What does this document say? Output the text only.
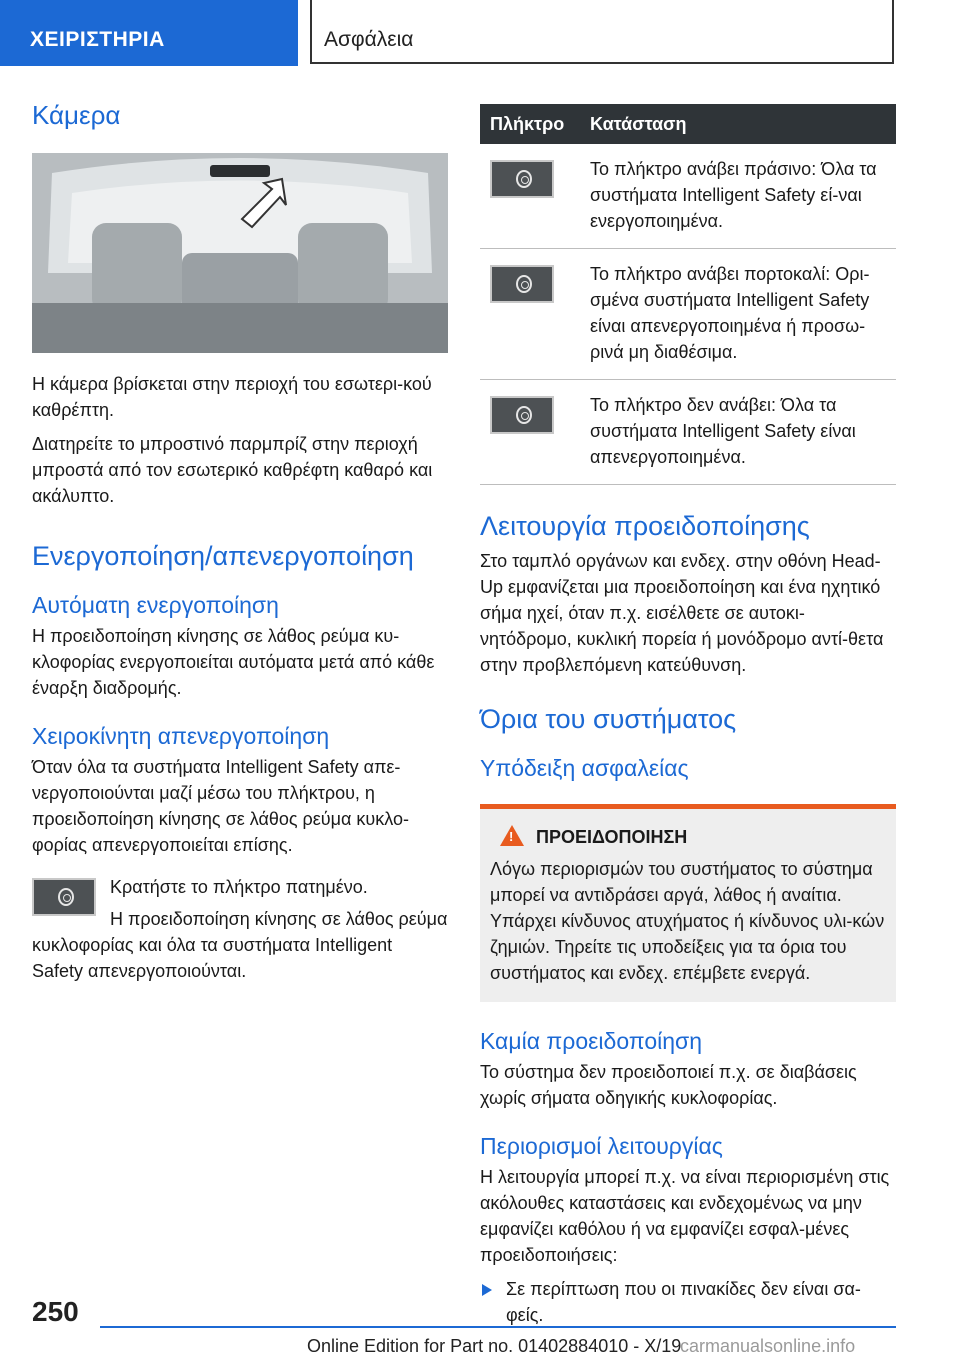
ΧΕΙΡΙΣΤΗΡΙΑ	Ασφάλεια
Κάμερα

Η κάμερα βρίσκεται στην περιοχή του εσωτερι-κού καθρέπτη.

Διατηρείτε το μπροστινό παρμπρίζ στην περιοχή μπροστά από τον εσωτερικό καθρέφτη καθαρό και ακάλυπτο.

Ενεργοποίηση/απενεργοποίηση
Αυτόματη ενεργοποίηση

Η προειδοποίηση κίνησης σε λάθος ρεύμα κυ-κλοφορίας ενεργοποιείται αυτόματα μετά από κάθε έναρξη διαδρομής.

Χειροκίνητη απενεργοποίηση

Όταν όλα τα συστήματα Intelligent Safety απε-νεργοποιούνται μαζί μέσω του πλήκτρου, η προειδοποίηση κίνησης σε λάθος ρεύμα κυκλο-φορίας απενεργοποιείται επίσης.

Κρατήστε το πλήκτρο πατημένο.

Η προειδοποίηση κίνησης σε λάθος ρεύμα κυκλοφορίας και όλα τα συστήματα Intelligent Safety απενεργοποιούνται.

Πλήκτρο	Κατάσταση

	Το πλήκτρο ανάβει πράσινο: Όλα τα συστήματα Intelligent Safety εί-ναι ενεργοποιημένα.

	Το πλήκτρο ανάβει πορτοκαλί: Ορι-σμένα συστήματα Intelligent Safety είναι απενεργοποιημένα ή προσω-ρινά μη διαθέσιμα.

	Το πλήκτρο δεν ανάβει: Όλα τα συστήματα Intelligent Safety είναι απενεργοποιημένα.
Λειτουργία προειδοποίησης

Στο ταμπλό οργάνων και ενδεχ. στην οθόνη Head-Up εμφανίζεται μια προειδοποίηση και ένα ηχητικό σήμα ηχεί, όταν π.χ. εισέλθετε σε αυτοκι-νητόδρομο, κυκλική πορεία ή μονόδρομο αντί-θετα στην προβλεπόμενη κατεύθυνση.

Όρια του συστήματος
Υπόδειξη ασφαλείας
!
ΠΡΟΕΙΔΟΠΟΙΗΣΗ

Λόγω περιορισμών του συστήματος το σύστημα μπορεί να αντιδράσει αργά, λάθος ή αναίτια. Υπάρχει κίνδυνος ατυχήματος ή κίνδυνος υλι-κών ζημιών. Τηρείτε τις υποδείξεις για τα όρια του συστήματος και ενδεχ. επέμβετε ενεργά.

Καμία προειδοποίηση

Το σύστημα δεν προειδοποιεί π.χ. σε διαβάσεις χωρίς σήματα οδηγικής κυκλοφορίας.

Περιορισμοί λειτουργίας

Η λειτουργία μπορεί π.χ. να είναι περιορισμένη στις ακόλουθες καταστάσεις και ενδεχομένως να μην εμφανίζει καθόλου ή να εμφανίζει εσφαλ-μένες προειδοποιήσεις:

Σε περίπτωση που οι πινακίδες δεν είναι σα-φείς.

250
Online Edition for Part no. 01402884010 - X/19
carmanualsonline.info
